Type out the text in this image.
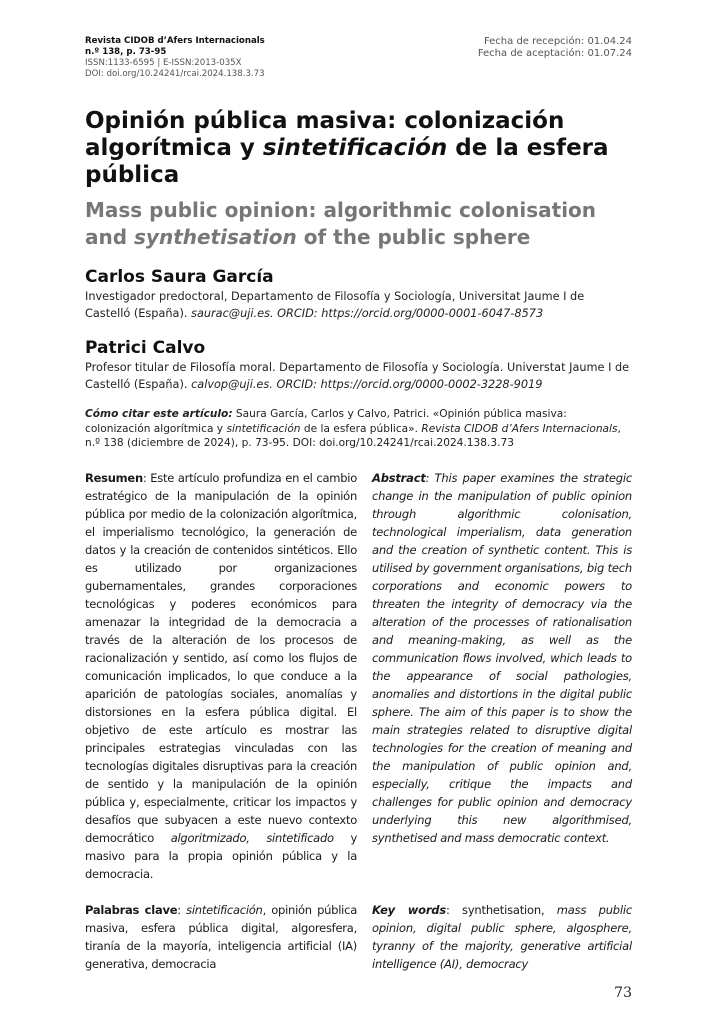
Revista CIDOB d’Afers Internacionals
n.º 138, p. 73-95
ISSN:1133-6595 | E-ISSN:2013-035X
DOI: doi.org/10.24241/rcai.2024.138.3.73
Fecha de recepción: 01.04.24
Fecha de aceptación: 01.07.24
Opinión pública masiva: colonización algorítmica y sintetificación de la esfera pública
Mass public opinion: algorithmic colonisation and synthetisation of the public sphere
Carlos Saura García
Investigador predoctoral, Departamento de Filosofía y Sociología, Universitat Jaume I de Castelló (España). saurac@uji.es. ORCID: https://orcid.org/0000-0001-6047-8573
Patrici Calvo
Profesor titular de Filosofía moral. Departamento de Filosofía y Sociología. Universtat Jaume I de Castelló (España). calvop@uji.es. ORCID: https://orcid.org/0000-0002-3228-9019
Cómo citar este artículo: Saura García, Carlos y Calvo, Patrici. «Opinión pública masiva: colonización algorítmica y sintetificación de la esfera pública». Revista CIDOB d’Afers Internacionals, n.º 138 (diciembre de 2024), p. 73-95. DOI: doi.org/10.24241/rcai.2024.138.3.73
Resumen: Este artículo profundiza en el cambio estratégico de la manipulación de la opinión pública por medio de la colonización algorítmica, el imperialismo tecnológico, la generación de datos y la creación de contenidos sintéticos. Ello es utilizado por organizaciones gubernamentales, grandes corporaciones tecnológicas y poderes económicos para amenazar la integridad de la democracia a través de la alteración de los procesos de racionalización y sentido, así como los flujos de comunicación implicados, lo que conduce a la aparición de patologías sociales, anomalías y distorsiones en la esfera pública digital. El objetivo de este artículo es mostrar las principales estrategias vinculadas con las tecnologías digitales disruptivas para la creación de sentido y la manipulación de la opinión pública y, especialmente, criticar los impactos y desafíos que subyacen a este nuevo contexto democrático algoritmizado, sintetificado y masivo para la propia opinión pública y la democracia.
Abstract: This paper examines the strategic change in the manipulation of public opinion through algorithmic colonisation, technological imperialism, data generation and the creation of synthetic content. This is utilised by government organisations, big tech corporations and economic powers to threaten the integrity of democracy via the alteration of the processes of rationalisation and meaning-making, as well as the communication flows involved, which leads to the appearance of social pathologies, anomalies and distortions in the digital public sphere. The aim of this paper is to show the main strategies related to disruptive digital technologies for the creation of meaning and the manipulation of public opinion and, especially, critique the impacts and challenges for public opinion and democracy underlying this new algorithmised, synthetised and mass democratic context.
Palabras clave: sintetificación, opinión pública masiva, esfera pública digital, algoresfera, tiranía de la mayoría, inteligencia artificial (IA) generativa, democracia
Key words: synthetisation, mass public opinion, digital public sphere, algosphere, tyranny of the majority, generative artificial intelligence (AI), democracy
73
